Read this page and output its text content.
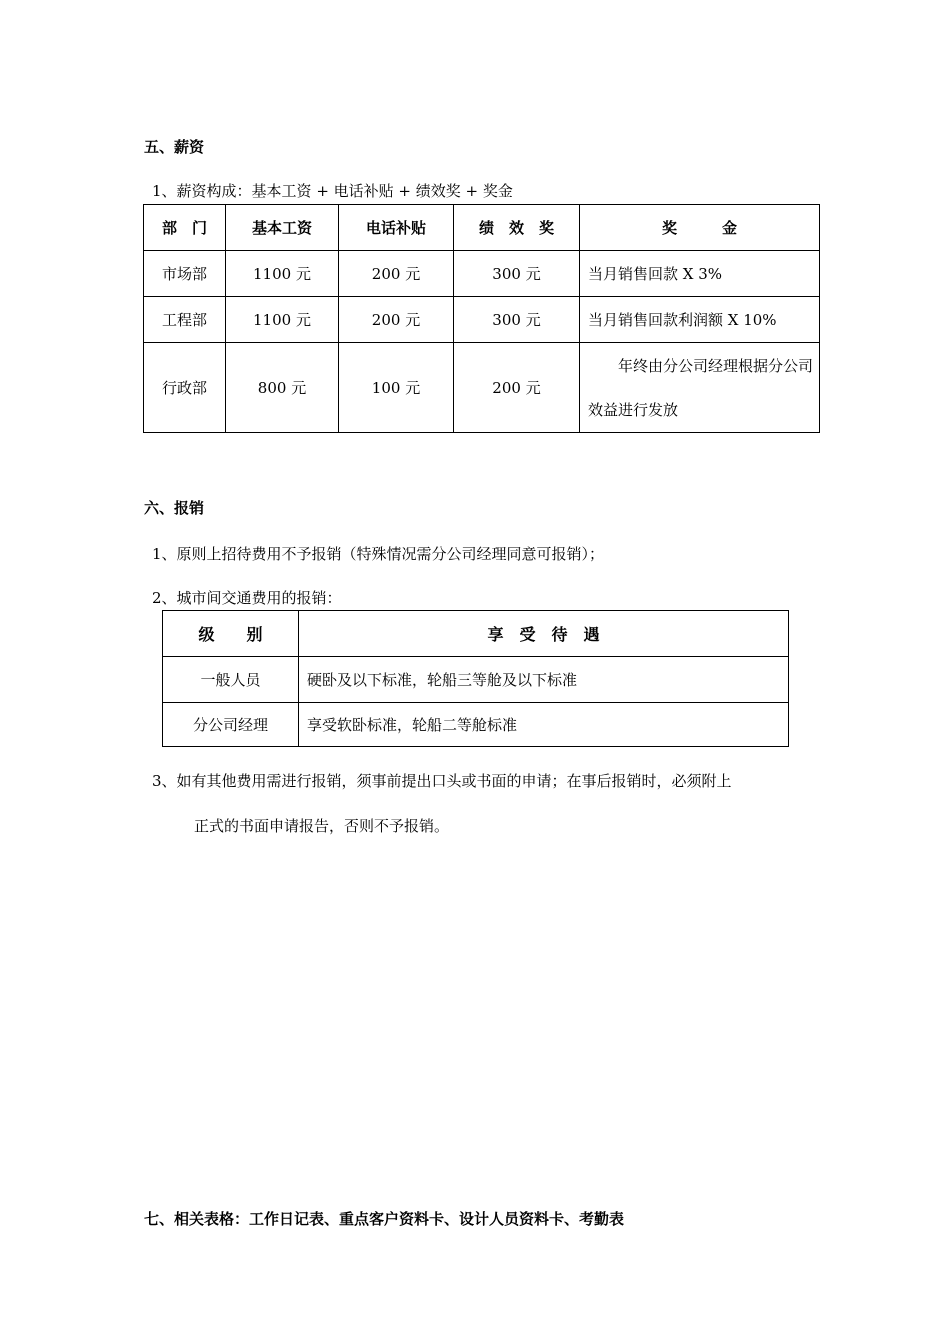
五、薪资
1、薪资构成：基本工资 + 电话补贴 + 绩效奖 + 奖金
部　门	基本工资	电话补贴	绩　效　奖	奖　　　金
市场部	1100 元	200 元	300 元	当月销售回款 X 3%
工程部	1100 元	200 元	300 元	当月销售回款利润额 X 10%
行政部	800 元	100 元	200 元	年终由分公司经理根据分公司效益进行发放
六、报销
1、原则上招待费用不予报销（特殊情况需分公司经理同意可报销）；
2、城市间交通费用的报销：
级　　别	享　受　待　遇
一般人员	硬卧及以下标准，轮船三等舱及以下标准
分公司经理	享受软卧标准，轮船二等舱标准
3、如有其他费用需进行报销，须事前提出口头或书面的申请；在事后报销时，必须附上
正式的书面申请报告，否则不予报销。
七、相关表格：工作日记表、重点客户资料卡、设计人员资料卡、考勤表
